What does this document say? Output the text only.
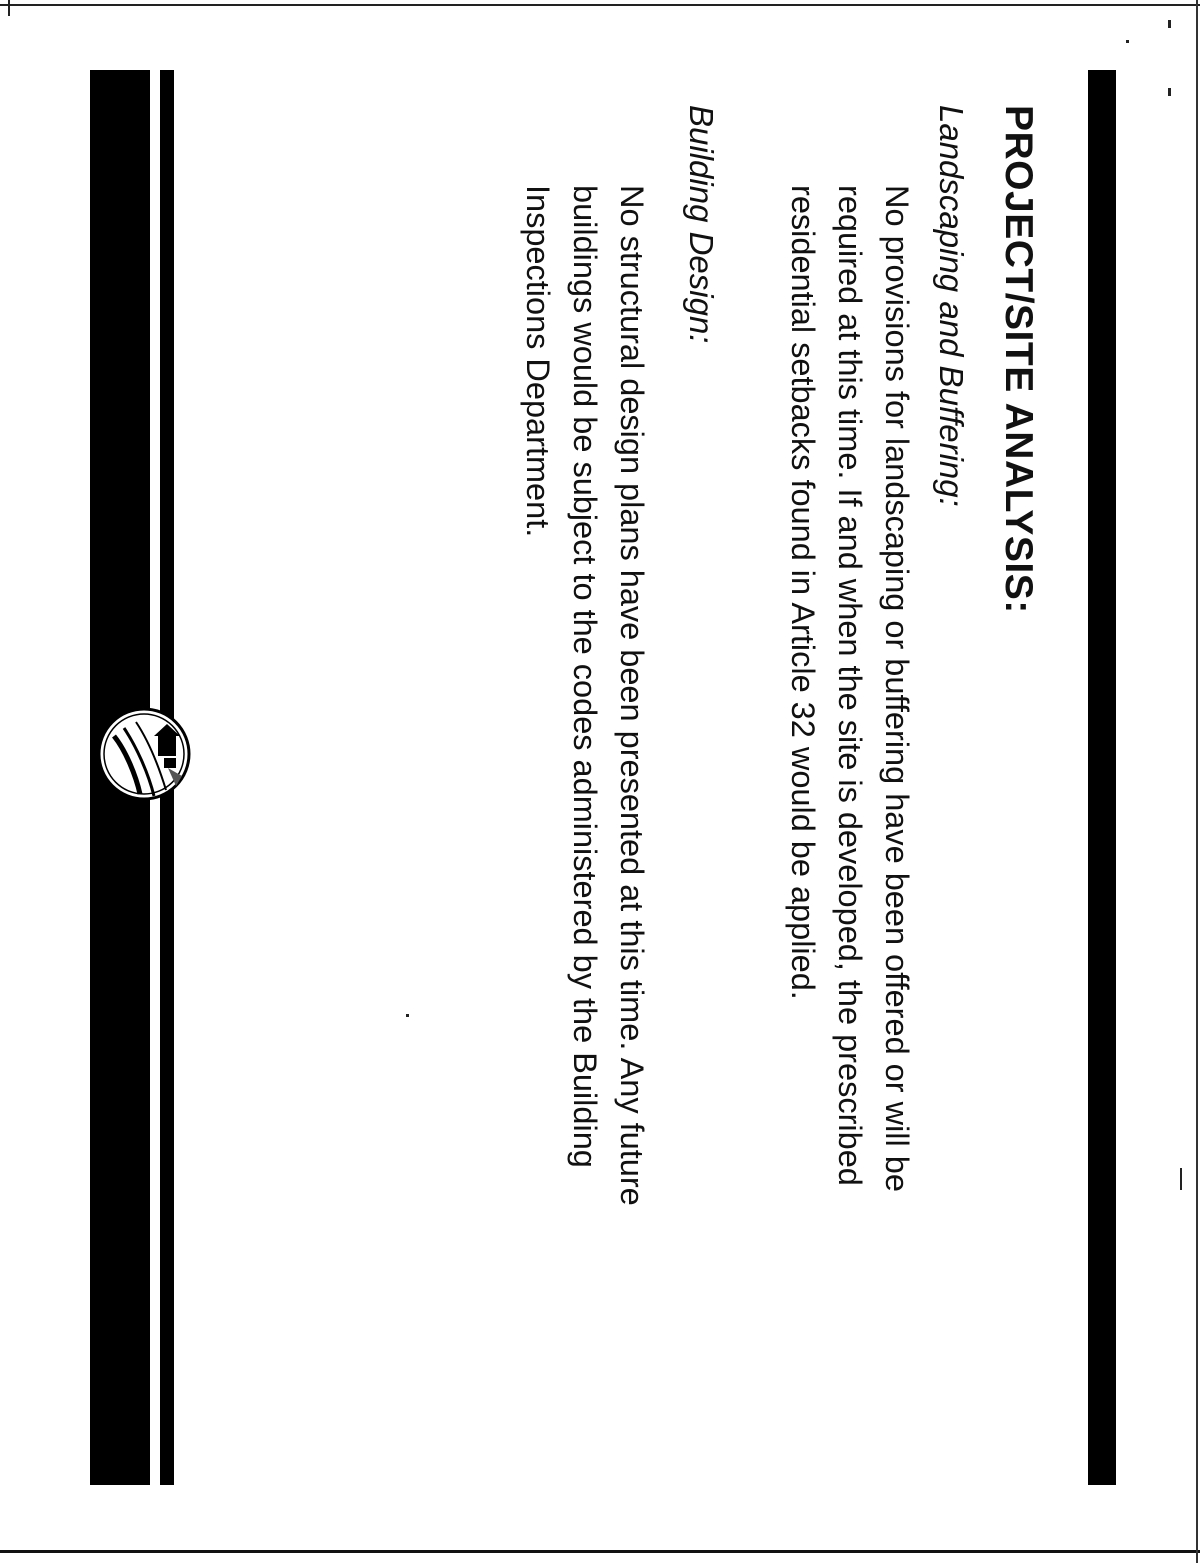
PROJECT/SITE ANALYSIS:
Landscaping and Buffering:

No provisions for landscaping or buffering have been offered or will be required at this time. If and when the site is developed, the prescribed residential setbacks found in Article 32 would be applied.

Building Design:

No structural design plans have been presented at this time. Any future buildings would be subject to the codes administered by the Building Inspections Department.
